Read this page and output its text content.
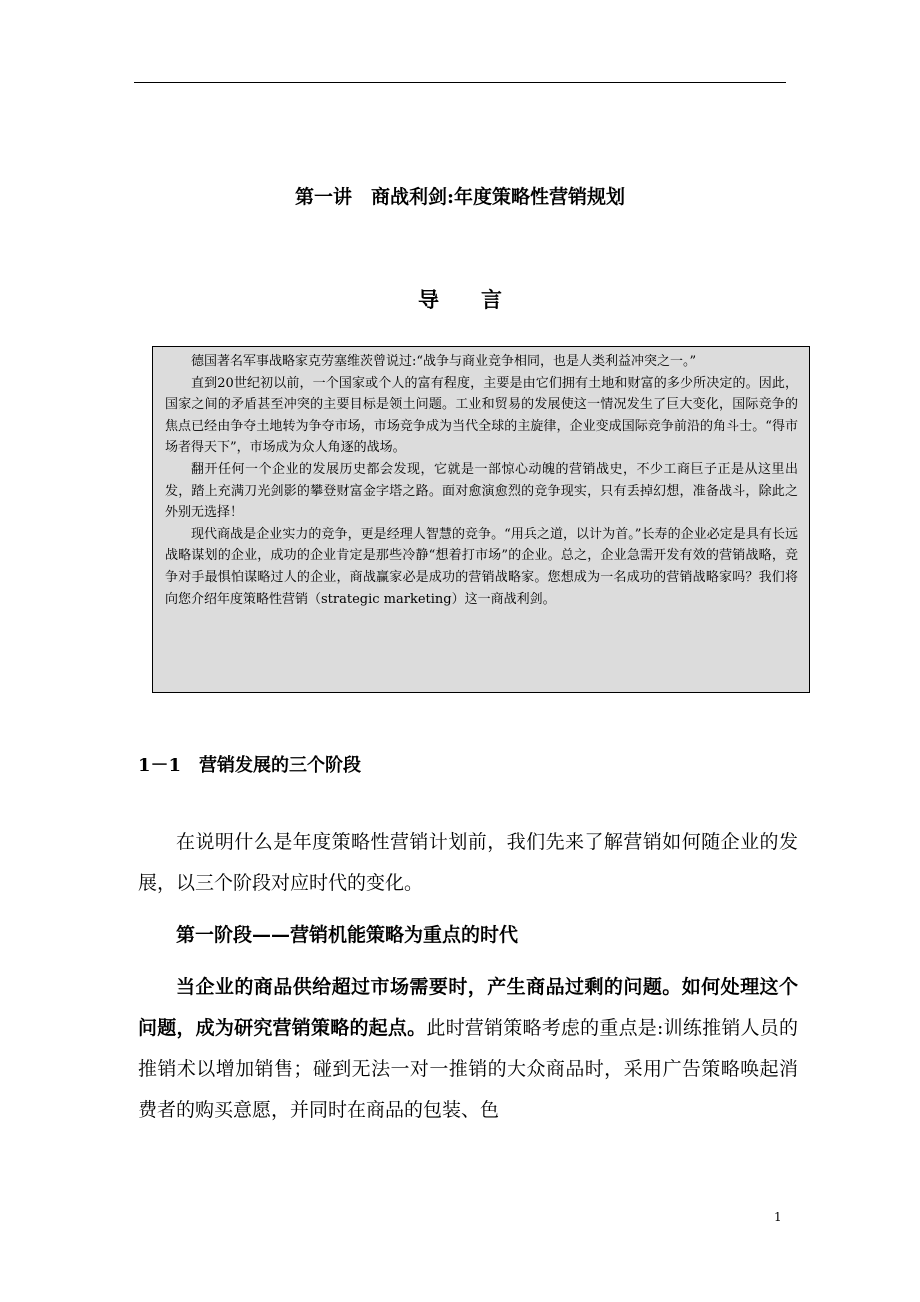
第一讲　商战利剑:年度策略性营销规划
导　　言

德国著名军事战略家克劳塞维茨曾说过:“战争与商业竞争相同，也是人类利益冲突之一。”

直到20世纪初以前，一个国家或个人的富有程度，主要是由它们拥有土地和财富的多少所决定的。因此，国家之间的矛盾甚至冲突的主要目标是领土问题。工业和贸易的发展使这一情况发生了巨大变化，国际竞争的焦点已经由争夺土地转为争夺市场，市场竞争成为当代全球的主旋律，企业变成国际竞争前沿的角斗士。“得市场者得天下”，市场成为众人角逐的战场。

翻开任何一个企业的发展历史都会发现，它就是一部惊心动魄的营销战史，不少工商巨子正是从这里出发，踏上充满刀光剑影的攀登财富金字塔之路。面对愈演愈烈的竞争现实，只有丢掉幻想，准备战斗，除此之外别无选择！

现代商战是企业实力的竞争，更是经理人智慧的竞争。“用兵之道，以计为首。”长寿的企业必定是具有长远战略谋划的企业，成功的企业肯定是那些冷静“想着打市场”的企业。总之，企业急需开发有效的营销战略，竞争对手最惧怕谋略过人的企业，商战赢家必是成功的营销战略家。您想成为一名成功的营销战略家吗？我们将向您介绍年度策略性营销（strategic marketing）这一商战利剑。

1－1　营销发展的三个阶段

在说明什么是年度策略性营销计划前，我们先来了解营销如何随企业的发展，以三个阶段对应时代的变化。

第一阶段——营销机能策略为重点的时代

当企业的商品供给超过市场需要时，产生商品过剩的问题。如何处理这个问题，成为研究营销策略的起点。此时营销策略考虑的重点是:训练推销人员的推销术以增加销售；碰到无法一对一推销的大众商品时，采用广告策略唤起消费者的购买意愿，并同时在商品的包装、色

1
